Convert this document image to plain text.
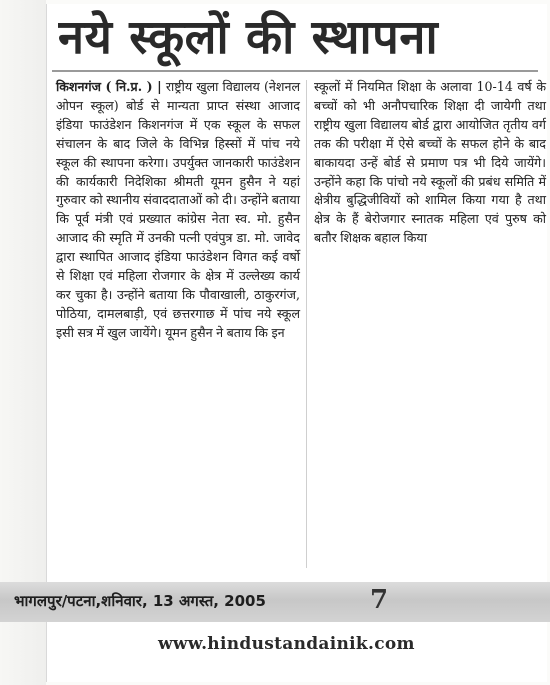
नये स्कूलों की स्थापना
किशनगंज ( नि.प्र. ) | राष्ट्रीय खुला विद्यालय (नेशनल ओपन स्कूल) बोर्ड से मान्यता प्राप्त संस्था आजाद इंडिया फाउंडेशन किशनगंज में एक स्कूल के सफल संचालन के बाद जिले के विभिन्न हिस्सों में पांच नये स्कूल की स्थापना करेगा। उपर्युक्त जानकारी फाउंडेशन की कार्यकारी निदेशिका श्रीमती यूमन हुसैन ने यहां गुरुवार को स्थानीय संवाददाताओं को दी। उन्होंने बताया कि पूर्व मंत्री एवं प्रख्यात कांग्रेस नेता स्व. मो. हुसैन आजाद की स्मृति में उनकी पत्नी एवंपुत्र डा. मो. जावेद द्वारा स्थापित आजाद इंडिया फाउंडेशन विगत कई वर्षो से शिक्षा एवं महिला रोजगार के क्षेत्र में उल्लेख्य कार्य कर चुका है। उन्होंने बताया कि पौवाखाली, ठाकुरगंज, पोठिया, दामलबाड़ी, एवं छत्तरगाछ में पांच नये स्कूल इसी सत्र में खुल जायेंगे। यूमन हुसैन ने बताय कि इन
स्कूलों में नियमित शिक्षा के अलावा 10-14 वर्ष के बच्चों को भी अनौपचारिक शिक्षा दी जायेगी तथा राष्ट्रीय खुला विद्यालय बोर्ड द्वारा आयोजित तृतीय वर्ग तक की परीक्षा में ऐसे बच्चों के सफल होने के बाद बाकायदा उन्हें बोर्ड से प्रमाण पत्र भी दिये जायेंगे। उन्होंने कहा कि पांचो नये स्कूलों की प्रबंध समिति में क्षेत्रीय बुद्धिजीवियों को शामिल किया गया है तथा क्षेत्र के हैं बेरोजगार स्नातक महिला एवं पुरुष को बतौर शिक्षक बहाल किया
भागलपुर/पटना,शनिवार, 13 अगस्त, 2005	7
www.hindustandainik.com
